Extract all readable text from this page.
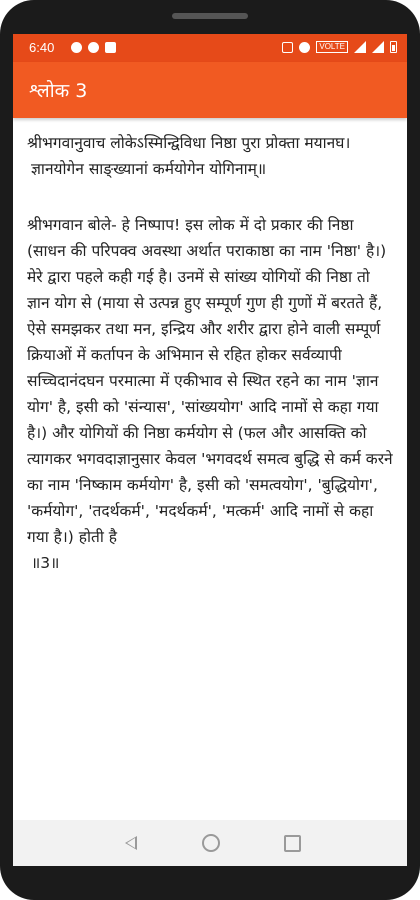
6:40	VOLTE
श्लोक 3

श्रीभगवानुवाच लोकेऽस्मिन्द्विविधा निष्ठा पुरा प्रोक्ता मयानघ।

ज्ञानयोगेन साङ्ख्यानां कर्मयोगेन योगिनाम्॥

श्रीभगवान बोले- हे निष्पाप! इस लोक में दो प्रकार की निष्ठा (साधन की परिपक्व अवस्था अर्थात पराकाष्ठा का नाम 'निष्ठा' है।) मेरे द्वारा पहले कही गई है। उनमें से सांख्य योगियों की निष्ठा तो ज्ञान योग से (माया से उत्पन्न हुए सम्पूर्ण गुण ही गुणों में बरतते हैं, ऐसे समझकर तथा मन, इन्द्रिय और शरीर द्वारा होने वाली सम्पूर्ण क्रियाओं में कर्तापन के अभिमान से रहित होकर सर्वव्यापी सच्चिदानंदघन परमात्मा में एकीभाव से स्थित रहने का नाम 'ज्ञान योग' है, इसी को 'संन्यास', 'सांख्ययोग' आदि नामों से कहा गया है।) और योगियों की निष्ठा कर्मयोग से (फल और आसक्ति को त्यागकर भगवदाज्ञानुसार केवल 'भगवदर्थ समत्व बुद्धि से कर्म करने का नाम 'निष्काम कर्मयोग' है, इसी को 'समत्वयोग', 'बुद्धियोग', 'कर्मयोग', 'तदर्थकर्म', 'मदर्थकर्म', 'मत्कर्म' आदि नामों से कहा गया है।) होती है

॥3॥
